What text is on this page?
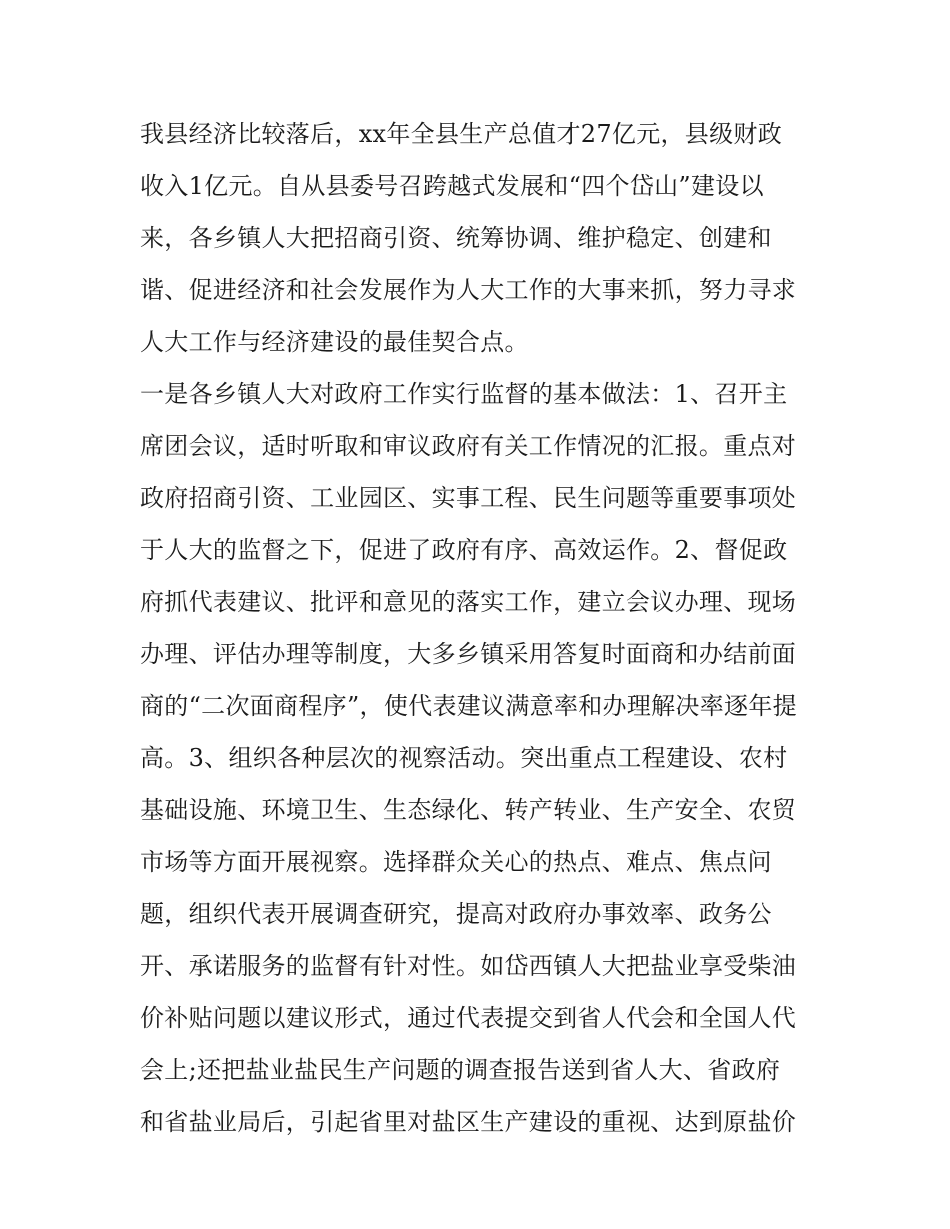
我县经济比较落后，xx年全县生产总值才27亿元，县级财政
收入1亿元。自从县委号召跨越式发展和“四个岱山”建设以
来，各乡镇人大把招商引资、统筹协调、维护稳定、创建和
谐、促进经济和社会发展作为人大工作的大事来抓，努力寻求
人大工作与经济建设的最佳契合点。
一是各乡镇人大对政府工作实行监督的基本做法：1、召开主
席团会议，适时听取和审议政府有关工作情况的汇报。重点对
政府招商引资、工业园区、实事工程、民生问题等重要事项处
于人大的监督之下，促进了政府有序、高效运作。2、督促政
府抓代表建议、批评和意见的落实工作，建立会议办理、现场
办理、评估办理等制度，大多乡镇采用答复时面商和办结前面
商的“二次面商程序”，使代表建议满意率和办理解决率逐年提
高。3、组织各种层次的视察活动。突出重点工程建设、农村
基础设施、环境卫生、生态绿化、转产转业、生产安全、农贸
市场等方面开展视察。选择群众关心的热点、难点、焦点问
题，组织代表开展调查研究，提高对政府办事效率、政务公
开、承诺服务的监督有针对性。如岱西镇人大把盐业享受柴油
价补贴问题以建议形式，通过代表提交到省人代会和全国人代
会上;还把盐业盐民生产问题的调查报告送到省人大、省政府
和省盐业局后，引起省里对盐区生产建设的重视、达到原盐价
